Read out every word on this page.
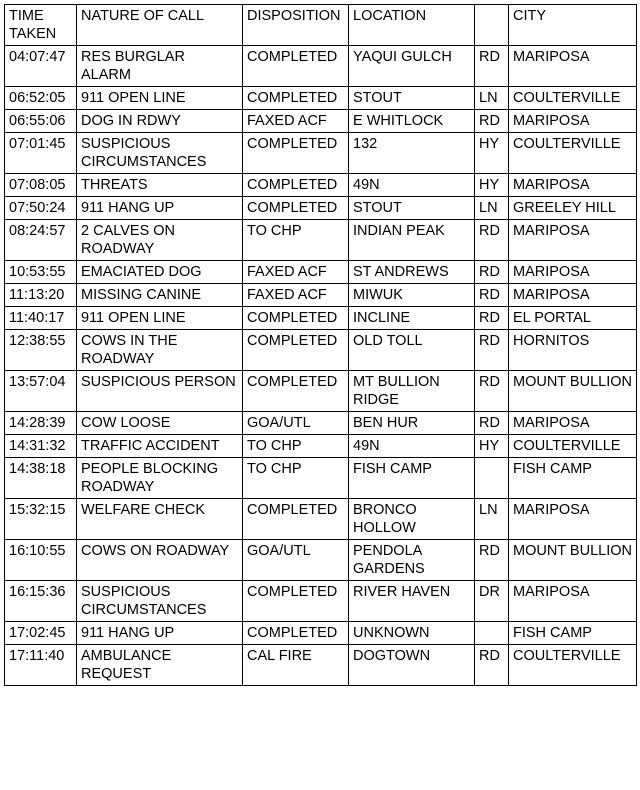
TIME TAKEN	NATURE OF CALL	DISPOSITION	LOCATION		CITY
04:07:47	RES BURGLAR ALARM	COMPLETED	YAQUI GULCH	RD	MARIPOSA
06:52:05	911 OPEN LINE	COMPLETED	STOUT	LN	COULTERVILLE
06:55:06	DOG IN RDWY	FAXED ACF	E WHITLOCK	RD	MARIPOSA
07:01:45	SUSPICIOUS CIRCUMSTANCES	COMPLETED	132	HY	COULTERVILLE
07:08:05	THREATS	COMPLETED	49N	HY	MARIPOSA
07:50:24	911 HANG UP	COMPLETED	STOUT	LN	GREELEY HILL
08:24:57	2 CALVES ON ROADWAY	TO CHP	INDIAN PEAK	RD	MARIPOSA
10:53:55	EMACIATED DOG	FAXED ACF	ST ANDREWS	RD	MARIPOSA
11:13:20	MISSING CANINE	FAXED ACF	MIWUK	RD	MARIPOSA
11:40:17	911 OPEN LINE	COMPLETED	INCLINE	RD	EL PORTAL
12:38:55	COWS IN THE ROADWAY	COMPLETED	OLD TOLL	RD	HORNITOS
13:57:04	SUSPICIOUS PERSON	COMPLETED	MT BULLION RIDGE	RD	MOUNT BULLION
14:28:39	COW LOOSE	GOA/UTL	BEN HUR	RD	MARIPOSA
14:31:32	TRAFFIC ACCIDENT	TO CHP	49N	HY	COULTERVILLE
14:38:18	PEOPLE BLOCKING ROADWAY	TO CHP	FISH CAMP		FISH CAMP
15:32:15	WELFARE CHECK	COMPLETED	BRONCO HOLLOW	LN	MARIPOSA
16:10:55	COWS ON ROADWAY	GOA/UTL	PENDOLA GARDENS	RD	MOUNT BULLION
16:15:36	SUSPICIOUS CIRCUMSTANCES	COMPLETED	RIVER HAVEN	DR	MARIPOSA
17:02:45	911 HANG UP	COMPLETED	UNKNOWN		FISH CAMP
17:11:40	AMBULANCE REQUEST	CAL FIRE	DOGTOWN	RD	COULTERVILLE
